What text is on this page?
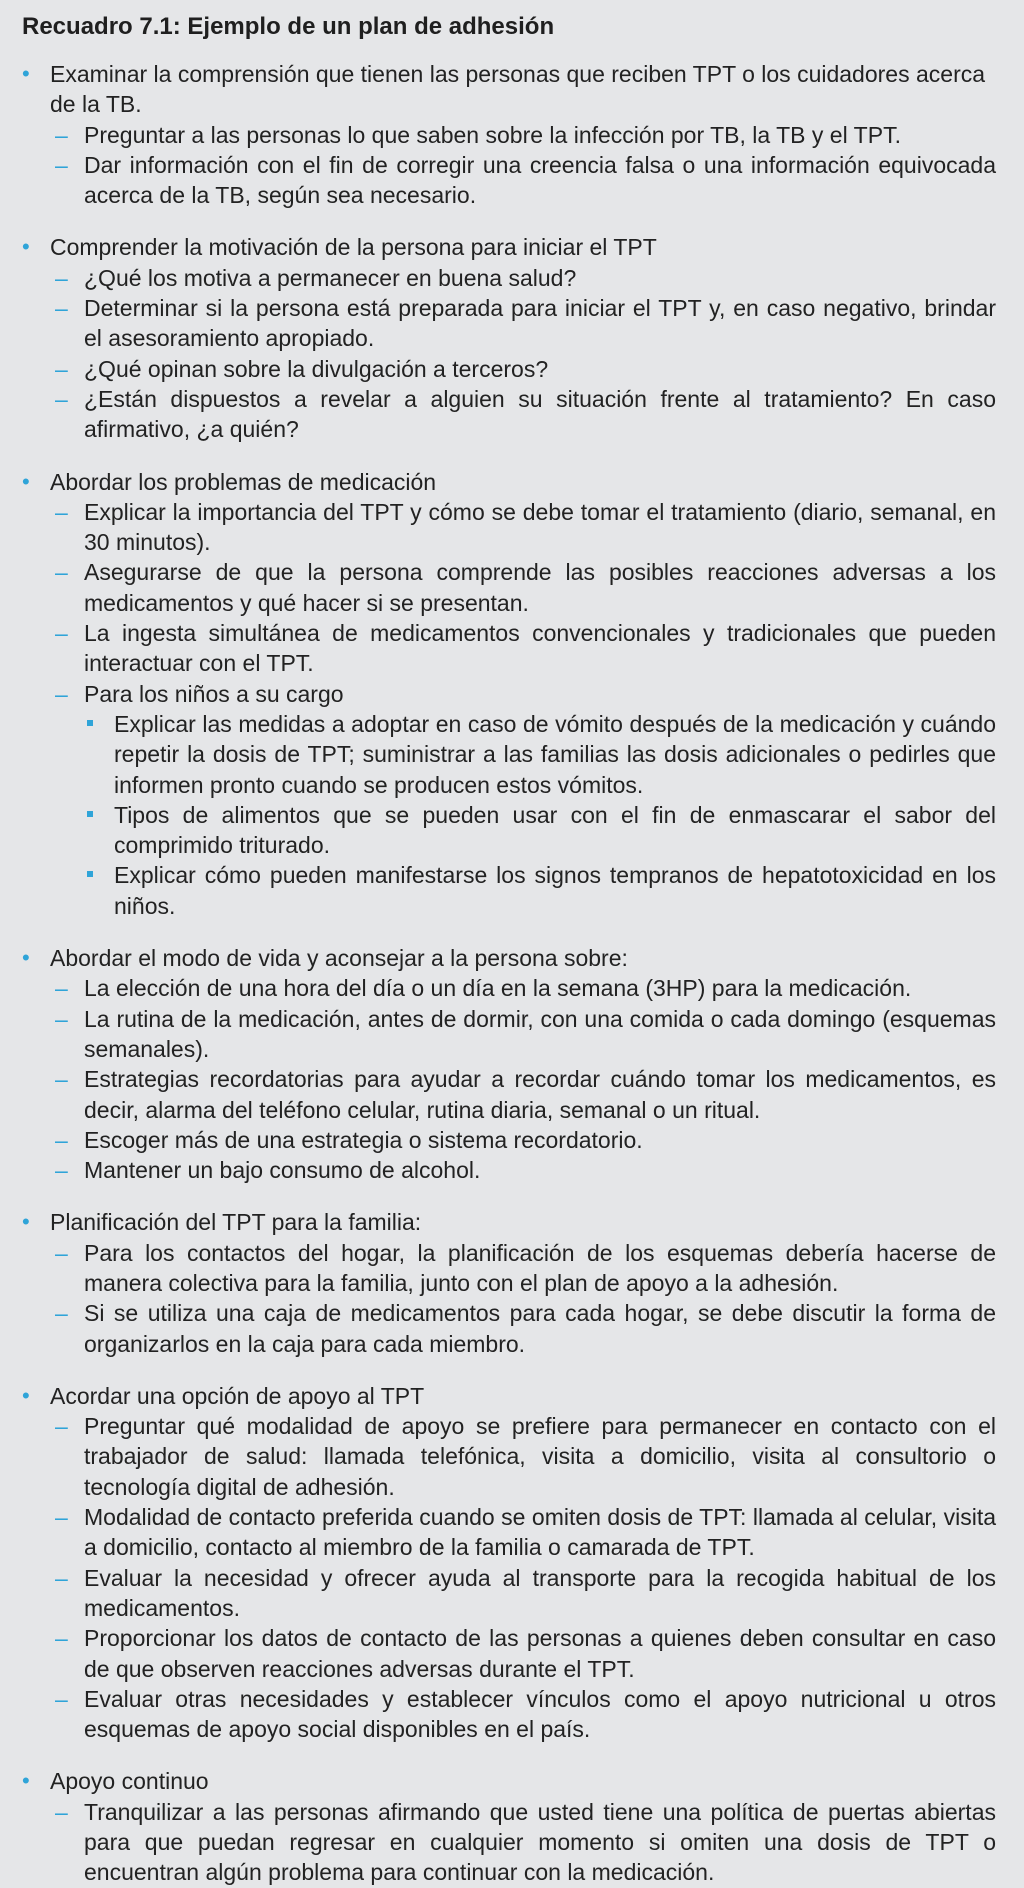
Recuadro 7.1: Ejemplo de un plan de adhesión
• Examinar la comprensión que tienen las personas que reciben TPT o los cuidadores acerca de la TB.
– Preguntar a las personas lo que saben sobre la infección por TB, la TB y el TPT.
– Dar información con el fin de corregir una creencia falsa o una información equivocada acerca de la TB, según sea necesario.
• Comprender la motivación de la persona para iniciar el TPT
– ¿Qué los motiva a permanecer en buena salud?
– Determinar si la persona está preparada para iniciar el TPT y, en caso negativo, brindar el asesoramiento apropiado.
– ¿Qué opinan sobre la divulgación a terceros?
– ¿Están dispuestos a revelar a alguien su situación frente al tratamiento? En caso afirmativo, ¿a quién?
• Abordar los problemas de medicación
– Explicar la importancia del TPT y cómo se debe tomar el tratamiento (diario, semanal, en 30 minutos).
– Asegurarse de que la persona comprende las posibles reacciones adversas a los medicamentos y qué hacer si se presentan.
– La ingesta simultánea de medicamentos convencionales y tradicionales que pueden interactuar con el TPT.
– Para los niños a su cargo
Explicar las medidas a adoptar en caso de vómito después de la medicación y cuándo repetir la dosis de TPT; suministrar a las familias las dosis adicionales o pedirles que informen pronto cuando se producen estos vómitos.
Tipos de alimentos que se pueden usar con el fin de enmascarar el sabor del comprimido triturado.
Explicar cómo pueden manifestarse los signos tempranos de hepatotoxicidad en los niños.
• Abordar el modo de vida y aconsejar a la persona sobre:
– La elección de una hora del día o un día en la semana (3HP) para la medicación.
– La rutina de la medicación, antes de dormir, con una comida o cada domingo (esquemas semanales).
– Estrategias recordatorias para ayudar a recordar cuándo tomar los medicamentos, es decir, alarma del teléfono celular, rutina diaria, semanal o un ritual.
– Escoger más de una estrategia o sistema recordatorio.
– Mantener un bajo consumo de alcohol.
• Planificación del TPT para la familia:
– Para los contactos del hogar, la planificación de los esquemas debería hacerse de manera colectiva para la familia, junto con el plan de apoyo a la adhesión.
– Si se utiliza una caja de medicamentos para cada hogar, se debe discutir la forma de organizarlos en la caja para cada miembro.
• Acordar una opción de apoyo al TPT
– Preguntar qué modalidad de apoyo se prefiere para permanecer en contacto con el trabajador de salud: llamada telefónica, visita a domicilio, visita al consultorio o tecnología digital de adhesión.
– Modalidad de contacto preferida cuando se omiten dosis de TPT: llamada al celular, visita a domicilio, contacto al miembro de la familia o camarada de TPT.
– Evaluar la necesidad y ofrecer ayuda al transporte para la recogida habitual de los medicamentos.
– Proporcionar los datos de contacto de las personas a quienes deben consultar en caso de que observen reacciones adversas durante el TPT.
– Evaluar otras necesidades y establecer vínculos como el apoyo nutricional u otros esquemas de apoyo social disponibles en el país.
• Apoyo continuo
– Tranquilizar a las personas afirmando que usted tiene una política de puertas abiertas para que puedan regresar en cualquier momento si omiten una dosis de TPT o encuentran algún problema para continuar con la medicación.
